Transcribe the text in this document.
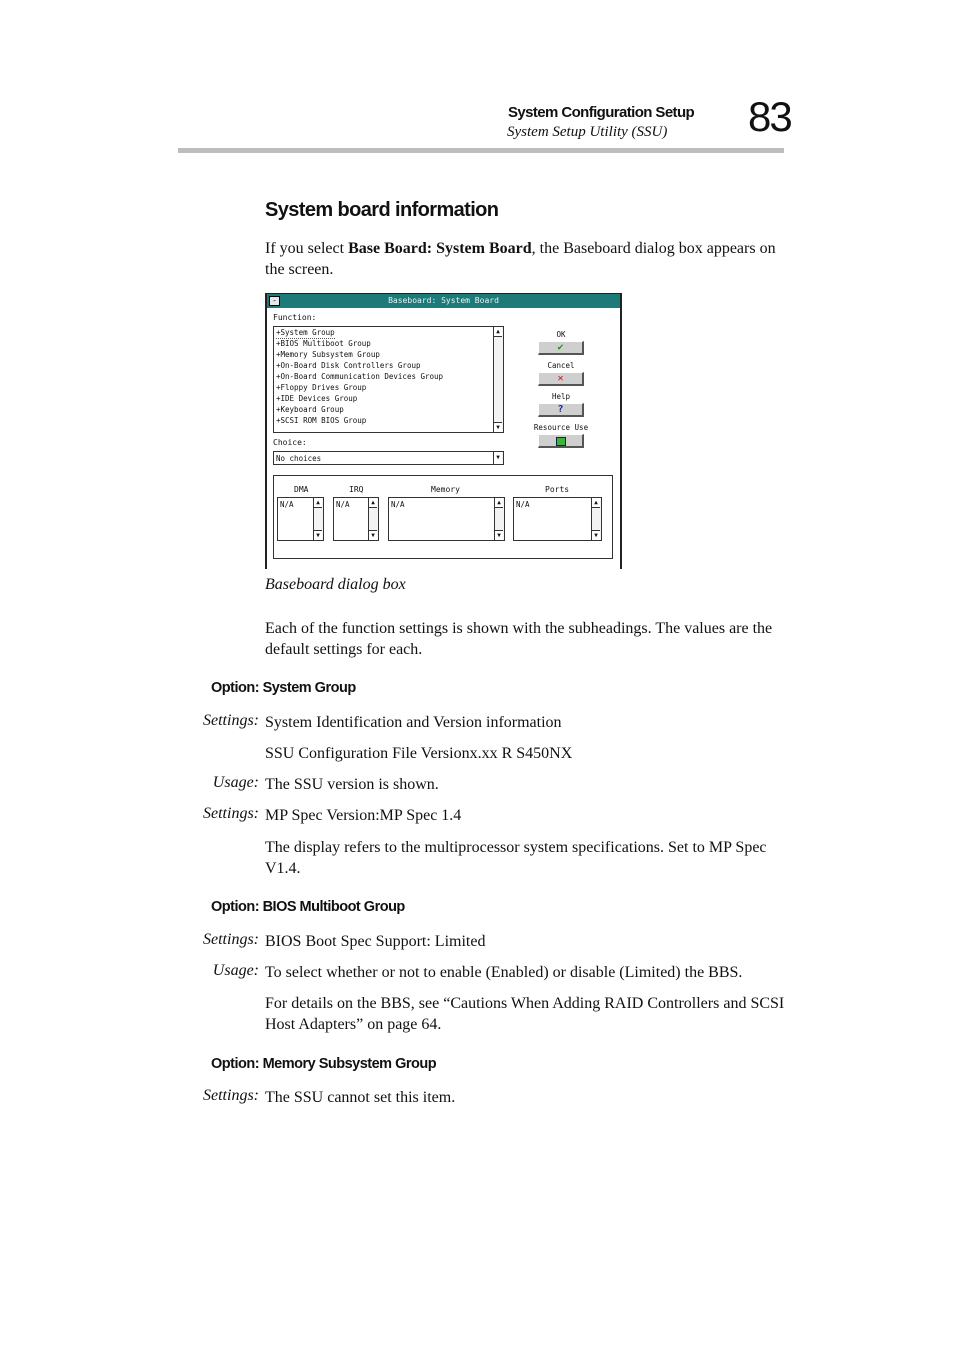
System Configuration Setup
System Setup Utility (SSU) 83
System board information
If you select Base Board: System Board, the Baseboard dialog box appears on the screen.
-	Baseboard: System Board
Function:
+System Group
+BIOS Multiboot Group
+Memory Subsystem Group
+On-Board Disk Controllers Group
+On-Board Communication Devices Group
+Floppy Drives Group
+IDE Devices Group
+Keyboard Group
+SCSI ROM BIOS Group
▲
▼
Choice:
No choices	▼
OK
✔
Cancel
✕
Help
?
Resource Use
DMA	IRQ	Memory	Ports
N/A	▲
▼
N/A	▲
▼
N/A	▲
▼
N/A	▲
▼
Baseboard dialog box
Each of the function settings is shown with the subheadings. The values are the default settings for each.
Option: System Group
Settings: System Identification and Version information
SSU Configuration File Versionx.xx R S450NX
Usage: The SSU version is shown.
Settings: MP Spec Version:MP Spec 1.4
The display refers to the multiprocessor system specifications. Set to MP Spec V1.4.
Option: BIOS Multiboot Group
Settings: BIOS Boot Spec Support: Limited
Usage: To select whether or not to enable (Enabled) or disable (Limited) the BBS.
For details on the BBS, see “Cautions When Adding RAID Controllers and SCSI Host Adapters” on page 64.
Option: Memory Subsystem Group
Settings: The SSU cannot set this item.
